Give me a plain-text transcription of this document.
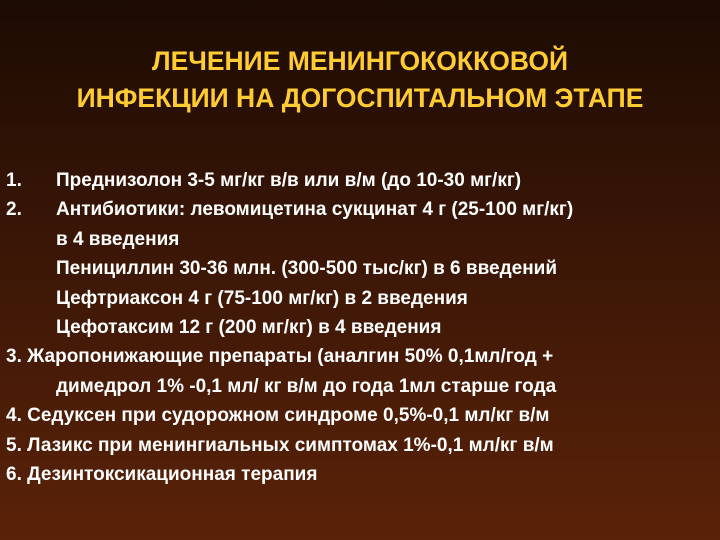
ЛЕЧЕНИЕ МЕНИНГОКОККОВОЙ
ИНФЕКЦИИ НА ДОГОСПИТАЛЬНОМ ЭТАПЕ
1. Преднизолон 3-5 мг/кг в/в или в/м (до 10-30 мг/кг)
2. Антибиотики: левомицетина сукцинат 4 г (25-100 мг/кг)
в 4 введения
Пенициллин 30-36 млн. (300-500 тыс/кг) в 6 введений
Цефтриаксон 4 г (75-100 мг/кг) в 2 введения
Цефотаксим 12 г (200 мг/кг) в 4 введения
3. Жаропонижающие препараты (аналгин 50% 0,1мл/год +
димедрол 1% -0,1 мл/ кг в/м до года 1мл старше года
4. Седуксен при судорожном синдроме 0,5%-0,1 мл/кг в/м
5. Лазикс при менингиальных симптомах 1%-0,1 мл/кг в/м
6. Дезинтоксикационная терапия
